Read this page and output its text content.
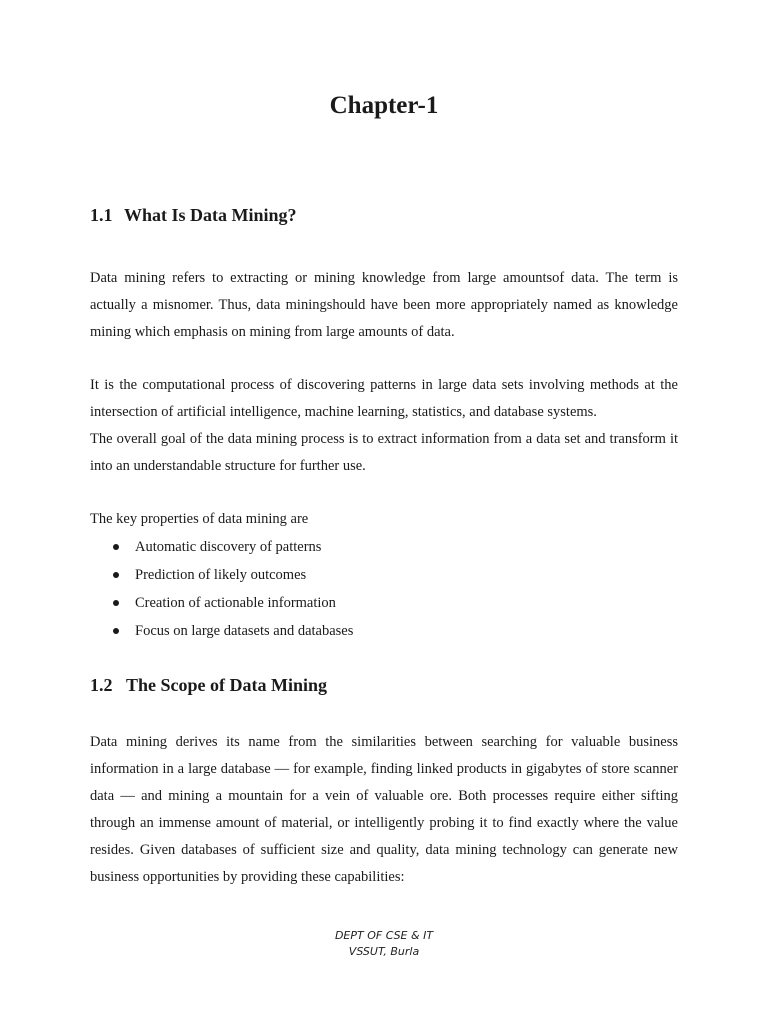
Chapter-1
1.1 What Is Data Mining?

Data mining refers to extracting or mining knowledge from large amountsof data. The term is actually a misnomer. Thus, data miningshould have been more appropriately named as knowledge mining which emphasis on mining from large amounts of data.

It is the computational process of discovering patterns in large data sets involving methods at the intersection of artificial intelligence, machine learning, statistics, and database systems.

The overall goal of the data mining process is to extract information from a data set and transform it into an understandable structure for further use.

The key properties of data mining are

Automatic discovery of patterns
Prediction of likely outcomes
Creation of actionable information
Focus on large datasets and databases
1.2 The Scope of Data Mining

Data mining derives its name from the similarities between searching for valuable business information in a large database — for example, finding linked products in gigabytes of store scanner data — and mining a mountain for a vein of valuable ore. Both processes require either sifting through an immense amount of material, or intelligently probing it to find exactly where the value resides. Given databases of sufficient size and quality, data mining technology can generate new business opportunities by providing these capabilities:

DEPT OF CSE & IT
VSSUT, Burla
